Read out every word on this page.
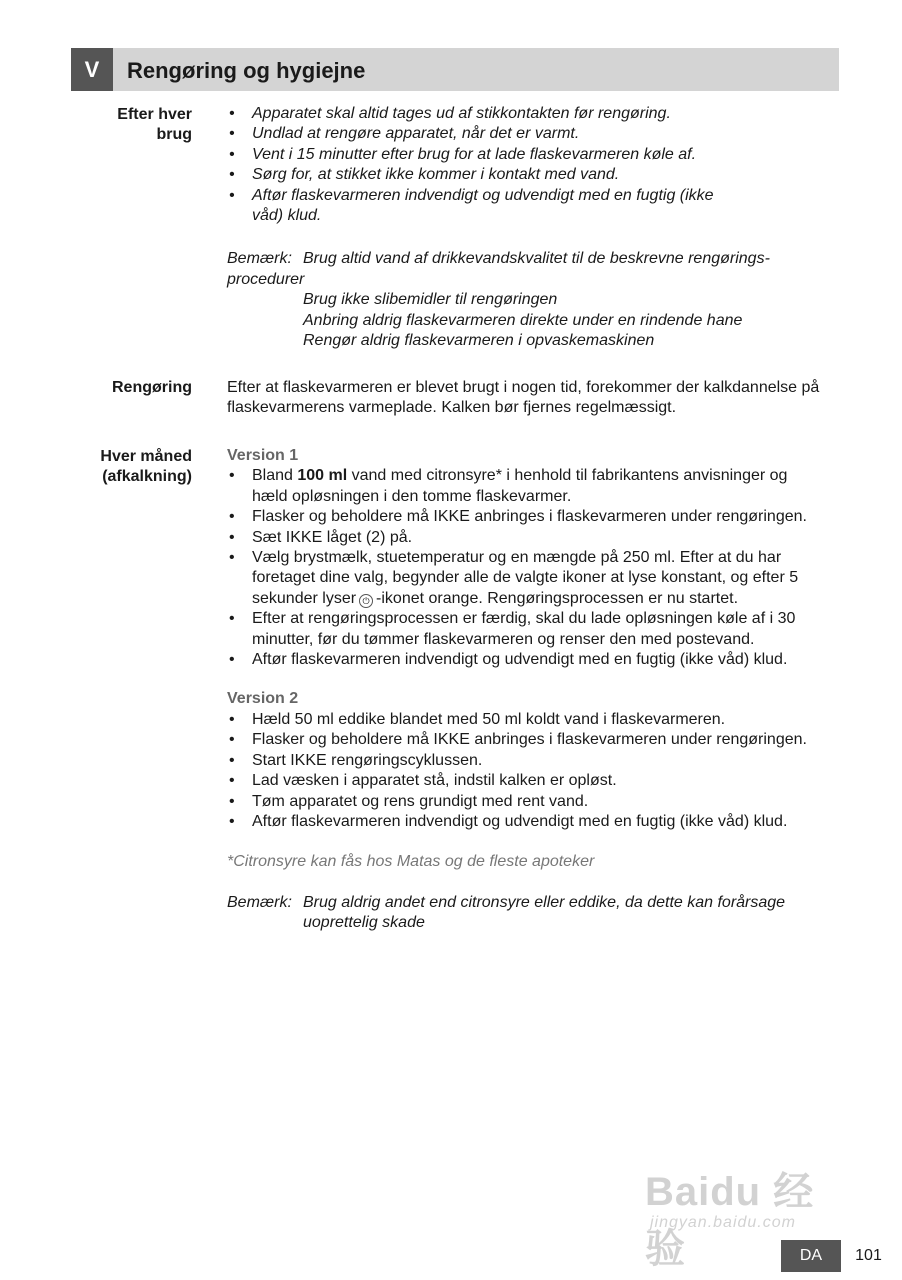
V	Rengøring og hygiejne
Efter hver
brug
• Apparatet skal altid tages ud af stikkontakten før rengøring.
• Undlad at rengøre apparatet, når det er varmt.
• Vent i 15 minutter efter brug for at lade flaskevarmeren køle af.
• Sørg for, at stikket ikke kommer i kontakt med vand.
• Aftør flaskevarmeren indvendigt og udvendigt med en fugtig (ikke våd) klud.
Bemærk: Brug altid vand af drikkevandskvalitet til de beskrevne rengørings-procedurer
Brug ikke slibemidler til rengøringen
Anbring aldrig flaskevarmeren direkte under en rindende hane
Rengør aldrig flaskevarmeren i opvaskemaskinen
Rengøring Efter at flaskevarmeren er blevet brugt i nogen tid, forekommer der kalkdannelse på flaskevarmerens varmeplade. Kalken bør fjernes regelmæssigt.
Hver måned
(afkalkning)
Version 1
• Bland 100 ml vand med citronsyre* i henhold til fabrikantens anvisninger og hæld opløsningen i den tomme flaskevarmer.
• Flasker og beholdere må IKKE anbringes i flaskevarmeren under rengøringen.
• Sæt IKKE låget (2) på.
• Vælg brystmælk, stuetemperatur og en mængde på 250 ml. Efter at du har foretaget dine valg, begynder alle de valgte ikoner at lyse konstant, og efter 5 sekunder lyser ⏻ -ikonet orange. Rengøringsprocessen er nu startet.
• Efter at rengøringsprocessen er færdig, skal du lade opløsningen køle af i 30 minutter, før du tømmer flaskevarmeren og renser den med postevand.
• Aftør flaskevarmeren indvendigt og udvendigt med en fugtig (ikke våd) klud.
Version 2
• Hæld 50 ml eddike blandet med 50 ml koldt vand i flaskevarmeren.
• Flasker og beholdere må IKKE anbringes i flaskevarmeren under rengøringen.
• Start IKKE rengøringscyklussen.
• Lad væsken i apparatet stå, indstil kalken er opløst.
• Tøm apparatet og rens grundigt med rent vand.
• Aftør flaskevarmeren indvendigt og udvendigt med en fugtig (ikke våd) klud.
*Citronsyre kan fås hos Matas og de fleste apoteker
Bemærk: Brug aldrig andet end citronsyre eller eddike, da dette kan forårsage uoprettelig skade
Baidu 经验
jingyan.baidu.com
DA	101
